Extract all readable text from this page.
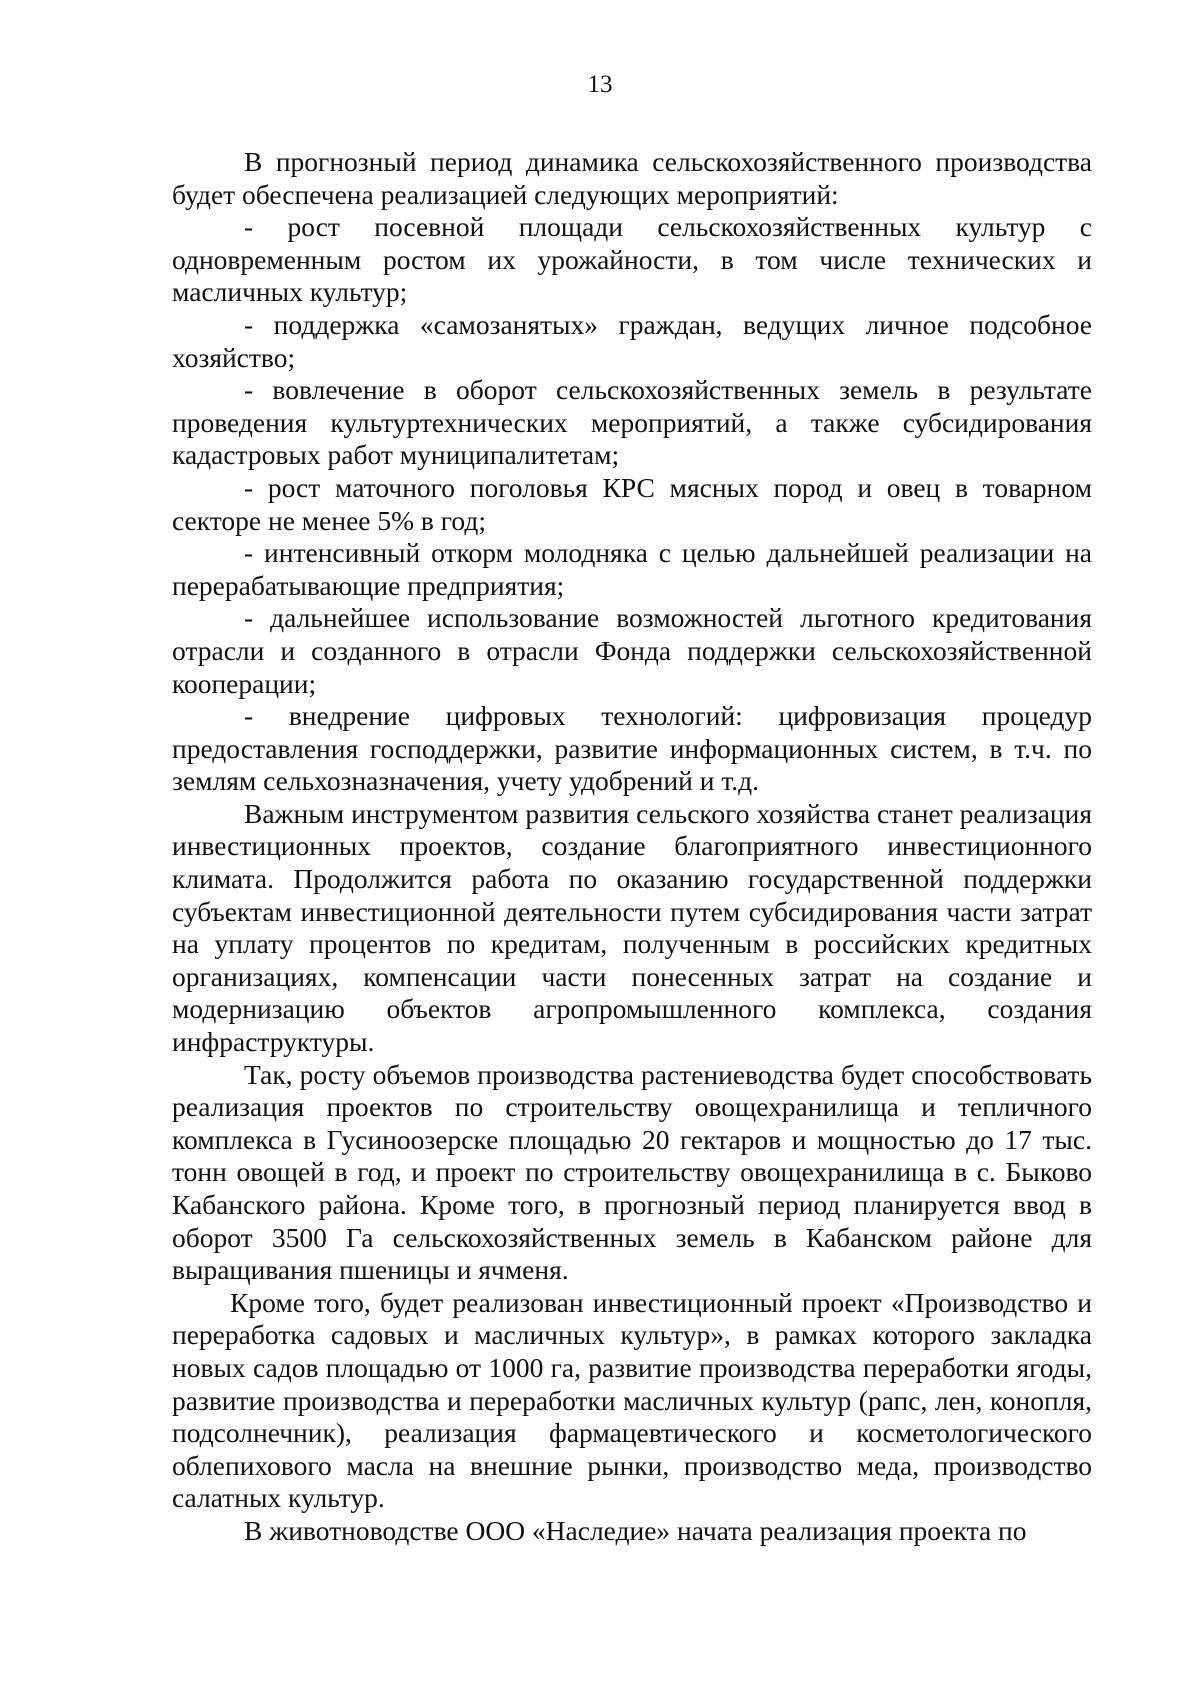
13

В прогнозный период динамика сельскохозяйственного производства будет обеспечена реализацией следующих мероприятий:

- рост посевной площади сельскохозяйственных культур с одновременным ростом их урожайности, в том числе технических и масличных культур;

- поддержка «самозанятых» граждан, ведущих личное подсобное хозяйство;

- вовлечение в оборот сельскохозяйственных земель в результате проведения культуртехнических мероприятий, а также субсидирования кадастровых работ муниципалитетам;

- рост маточного поголовья КРС мясных пород и овец в товарном секторе не менее 5% в год;

- интенсивный откорм молодняка с целью дальнейшей реализации на перерабатывающие предприятия;

- дальнейшее использование возможностей льготного кредитования отрасли и созданного в отрасли Фонда поддержки сельскохозяйственной кооперации;

- внедрение цифровых технологий: цифровизация процедур предоставления господдержки, развитие информационных систем, в т.ч. по землям сельхозназначения, учету удобрений и т.д.

Важным инструментом развития сельского хозяйства станет реализация инвестиционных проектов, создание благоприятного инвестиционного климата. Продолжится работа по оказанию государственной поддержки субъектам инвестиционной деятельности путем субсидирования части затрат на уплату процентов по кредитам, полученным в российских кредитных организациях, компенсации части понесенных затрат на создание и модернизацию объектов агропромышленного комплекса, создания инфраструктуры.

Так, росту объемов производства растениеводства будет способствовать реализация проектов по строительству овощехранилища и тепличного комплекса в Гусиноозерске площадью 20 гектаров и мощностью до 17 тыс. тонн овощей в год, и проект по строительству овощехранилища в с. Быково Кабанского района. Кроме того, в прогнозный период планируется ввод в оборот 3500 Га сельскохозяйственных земель в Кабанском районе для выращивания пшеницы и ячменя.

Кроме того, будет реализован инвестиционный проект «Производство и переработка садовых и масличных культур», в рамках которого закладка новых садов площадью от 1000 га, развитие производства переработки ягоды, развитие производства и переработки масличных культур (рапс, лен, конопля, подсолнечник), реализация фармацевтического и косметологического облепихового масла на внешние рынки, производство меда, производство салатных культур.

В животноводстве ООО «Наследие» начата реализация проекта по
